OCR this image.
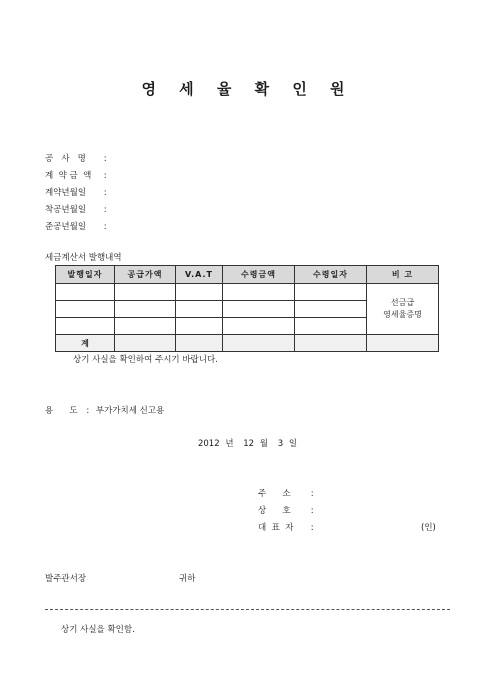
영 세 율 확 인 원
공   사   명 :
계  약 금  액 :
계약년월일 :
착공년월일 :
준공년월일 :
세금계산서 발행내역
발행일자	공급가액	V.A.T	수령금액	수령일자	비 고

					선금급
영세율증명

계					
상기 사실을 확인하여 주시기 바랍니다.
용      도 : 부가가치세 신고용
2012 년 12 월 3 일
주      소 :
상      호 :
대  표  자 :	(인)
발주관서장	귀하
상기 사실을 확인함.
